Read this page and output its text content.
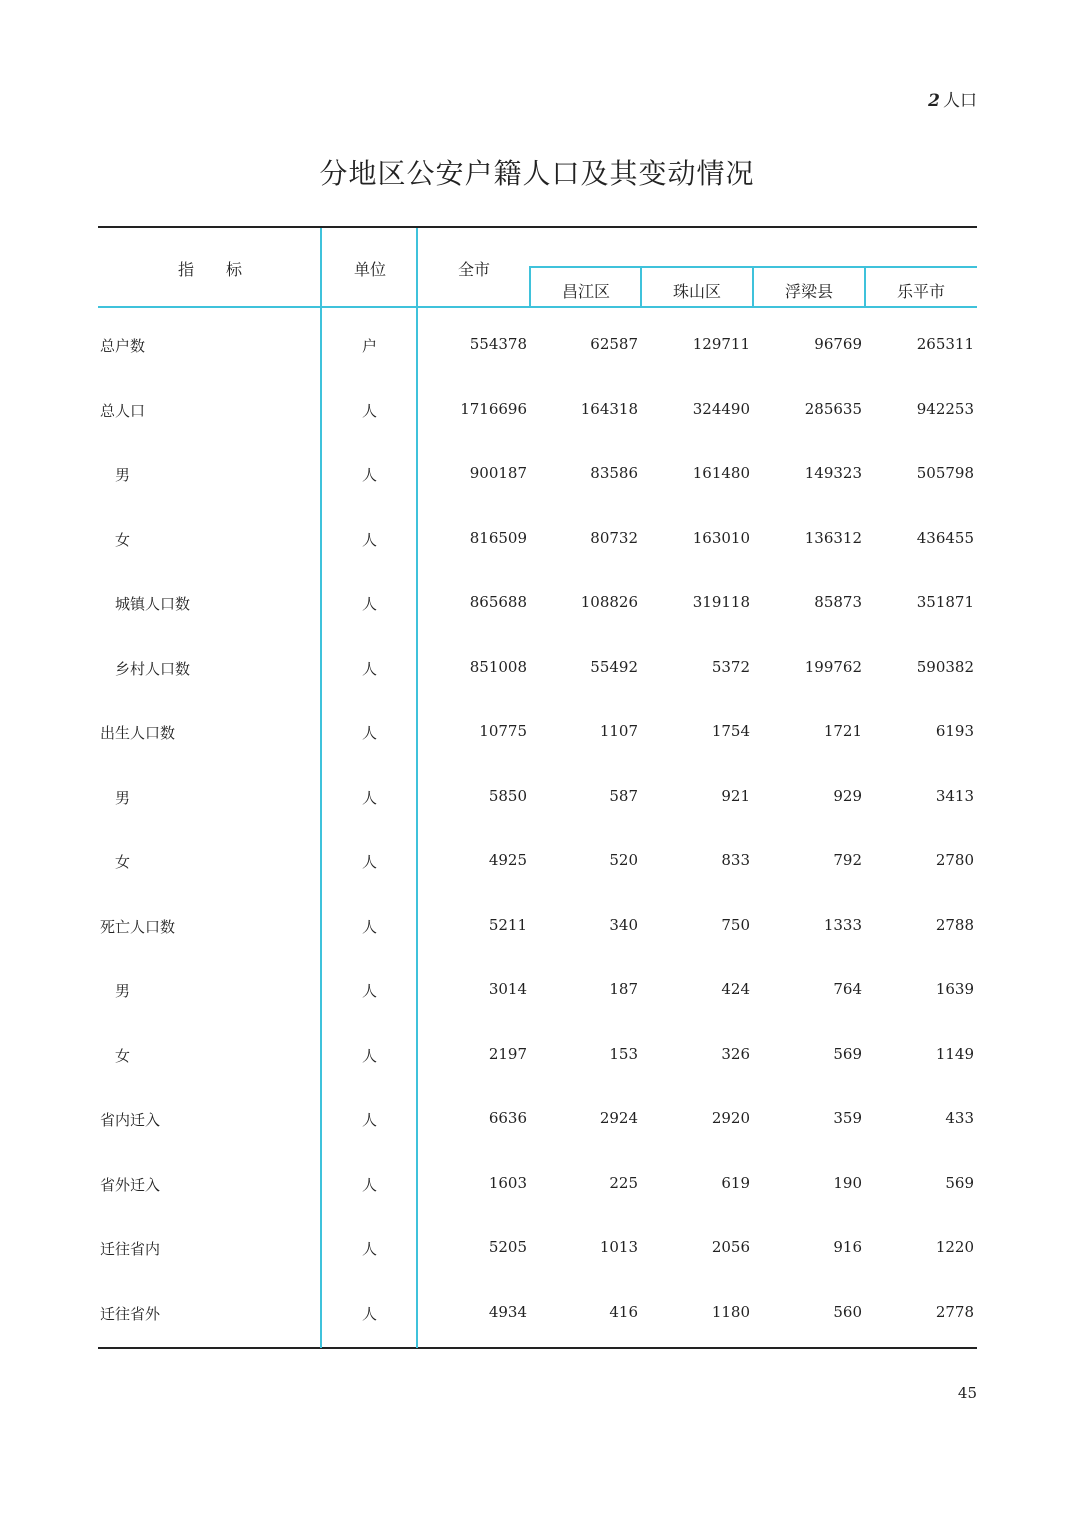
2 人口
分地区公安户籍人口及其变动情况
指　　标	单位	全市
昌江区	珠山区	浮梁县	乐平市
总户数	户	554378	62587	129711	96769	265311
总人口	人	1716696	164318	324490	285635	942253
　男	人	900187	83586	161480	149323	505798
　女	人	816509	80732	163010	136312	436455
　城镇人口数	人	865688	108826	319118	85873	351871
　乡村人口数	人	851008	55492	5372	199762	590382
出生人口数	人	10775	1107	1754	1721	6193
　男	人	5850	587	921	929	3413
　女	人	4925	520	833	792	2780
死亡人口数	人	5211	340	750	1333	2788
　男	人	3014	187	424	764	1639
　女	人	2197	153	326	569	1149
省内迁入	人	6636	2924	2920	359	433
省外迁入	人	1603	225	619	190	569
迁往省内	人	5205	1013	2056	916	1220
迁往省外	人	4934	416	1180	560	2778
45
